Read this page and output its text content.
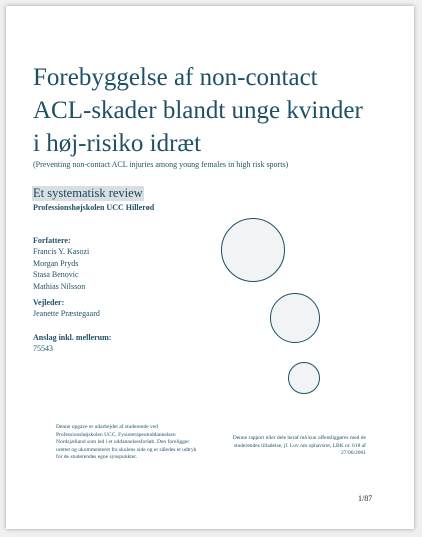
Forebyggelse af non-contact ACL-skader blandt unge kvinder i høj-risiko idræt
(Preventing non-contact ACL injuries among young females in high risk sports)
Et systematisk review
Professionshøjskolen UCC Hillerød
Forfattere:
Francis Y. Kasozi
Morgan Pryds
Stasa Benovic
Mathias Nilsson
Vejleder:
Jeanette Præstegaard
Anslag inkl. mellerum:
75543
Denne opgave er udarbejdet af studerende ved Professionshøjskolen UCC, Fysioterapeutuddannelsen Nordsjælland som led i et uddannelsesforløb. Den foreligger urettet og ukommenteret fra skolens side og er således et udtryk for de studerendes egne synspunkter.
Denne rapport eller dele heraf må kun offentliggøres med de studerendes tilladelse, jf. Lov om ophavsret, LBK nr. 618 af 27/06/2001
1/87
